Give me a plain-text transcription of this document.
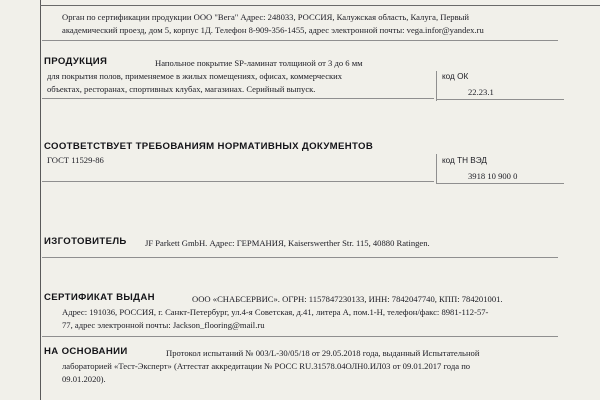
Орган по сертификации продукции ООО "Вега" Адрес: 248033, РОССИЯ, Калужская область, Калуга, Первый
академический проезд, дом 5, корпус 1Д. Телефон 8-909-356-1455, адрес электронной почты: vega.infor@yandex.ru
ПРОДУКЦИЯ	Напольное покрытие SP-ламинат толщиной от 3 до 6 мм
для покрытия полов, применяемое в жилых помещениях, офисах, коммерческих
объектах, ресторанах, спортивных клубах, магазинах. Серийный выпуск.
код ОК
22.23.1
СООТВЕТСТВУЕТ ТРЕБОВАНИЯМ НОРМАТИВНЫХ ДОКУМЕНТОВ
ГОСТ 11529-86	код ТН ВЭД
3918 10 900 0
ИЗГОТОВИТЕЛЬ JF Parkett GmbH. Адрес: ГЕРМАНИЯ, Kaiserswerther Str. 115, 40880 Ratingen.
СЕРТИФИКАТ ВЫДАН	ООО «СНАБСЕРВИС». ОГРН: 1157847230133, ИНН: 7842047740, КПП: 784201001.
Адрес: 191036, РОССИЯ, г. Санкт-Петербург, ул.4-я Советская, д.41, литера А, пом.1-Н, телефон/факс: 8981-112-57-
77, адрес электронной почты: Jackson_flooring@mail.ru
НА ОСНОВАНИИ	Протокол испытаний № 003/L-30/05/18 от 29.05.2018 года, выданный Испытательной
лабораторией «Тест-Эксперт» (Аттестат аккредитации № РОСС RU.31578.04ОЛН0.ИЛ03 от 09.01.2017 года по
09.01.2020).
